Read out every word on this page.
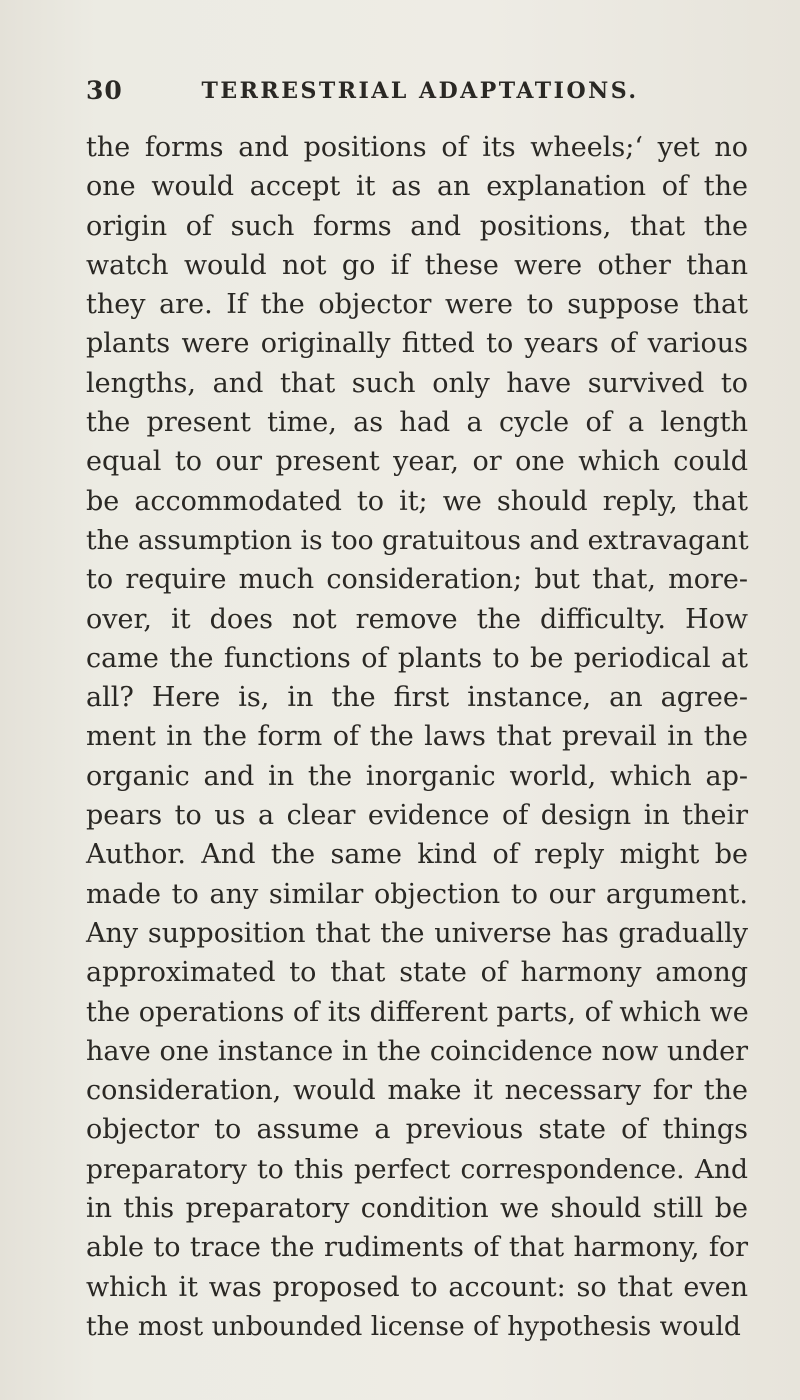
30	TERRESTRIAL ADAPTATIONS.
the forms and positions of its wheels;‘ yet no
one would accept it as an explanation of the
origin of such forms and positions, that the
watch would not go if these were other than
they are. If the objector were to suppose that
plants were originally fitted to years of various
lengths, and that such only have survived to
the present time, as had a cycle of a length
equal to our present year, or one which could
be accommodated to it; we should reply, that
the assumption is too gratuitous and extravagant
to require much consideration; but that, more-
over, it does not remove the difficulty. How
came the functions of plants to be periodical at
all? Here is, in the first instance, an agree-
ment in the form of the laws that prevail in the
organic and in the inorganic world, which ap-
pears to us a clear evidence of design in their
Author. And the same kind of reply might be
made to any similar objection to our argument.
Any supposition that the universe has gradually
approximated to that state of harmony among
the operations of its different parts, of which we
have one instance in the coincidence now under
consideration, would make it necessary for the
objector to assume a previous state of things
preparatory to this perfect correspondence. And
in this preparatory condition we should still be
able to trace the rudiments of that harmony, for
which it was proposed to account: so that even
the most unbounded license of hypothesis would
